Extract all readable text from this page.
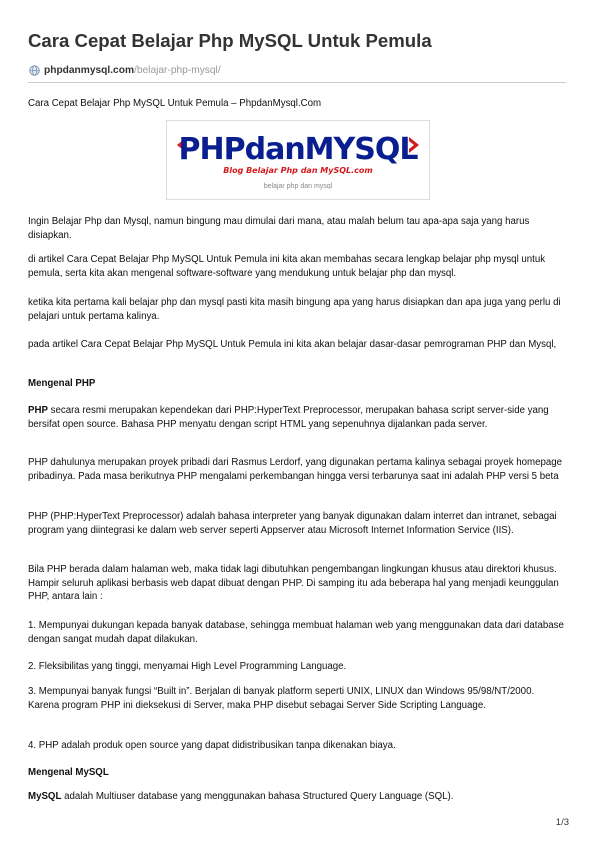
Cara Cepat Belajar Php MySQL Untuk Pemula
phpdanmysql.com/belajar-php-mysql/

Cara Cepat Belajar Php MySQL Untuk Pemula – PhpdanMysql.Com

PHPdanMYSQL
Blog Belajar Php dan MySQL.com
belajar php dan mysql

Ingin Belajar Php dan Mysql, namun bingung mau dimulai dari mana, atau malah belum tau apa-apa saja yang harus disiapkan.

di artikel Cara Cepat Belajar Php MySQL Untuk Pemula ini kita akan membahas secara lengkap belajar php mysql untuk pemula, serta kita akan mengenal software-software yang mendukung untuk belajar php dan mysql.

ketika kita pertama kali belajar php dan mysql pasti kita masih bingung apa yang harus disiapkan dan apa juga yang perlu di pelajari untuk pertama kalinya.

pada artikel Cara Cepat Belajar Php MySQL Untuk Pemula ini kita akan belajar dasar-dasar pemrograman PHP dan Mysql,

Mengenal PHP

PHP secara resmi merupakan kependekan dari PHP:HyperText Preprocessor, merupakan bahasa script server-side yang bersifat open source. Bahasa PHP menyatu dengan script HTML yang sepenuhnya dijalankan pada server.

PHP dahulunya merupakan proyek pribadi dari Rasmus Lerdorf, yang digunakan pertama kalinya sebagai proyek homepage pribadinya. Pada masa berikutnya PHP mengalami perkembangan hingga versi terbarunya saat ini adalah PHP versi 5 beta

PHP (PHP:HyperText Preprocessor) adalah bahasa interpreter yang banyak digunakan dalam interret dan intranet, sebagai program yang diintegrasi ke dalam web server seperti Appserver atau Microsoft Internet Information Service (IIS).

Bila PHP berada dalam halaman web, maka tidak lagi dibutuhkan pengembangan lingkungan khusus atau direktori khusus. Hampir seluruh aplikasi berbasis web dapat dibuat dengan PHP. Di samping itu ada beberapa hal yang menjadi keunggulan PHP, antara lain :

1. Mempunyai dukungan kepada banyak database, sehingga membuat halaman web yang menggunakan data dari database dengan sangat mudah dapat dilakukan.

2. Fleksibilitas yang tinggi, menyamai High Level Programming Language.

3. Mempunyai banyak fungsi “Built in”. Berjalan di banyak platform seperti UNIX, LINUX dan Windows 95/98/NT/2000. Karena program PHP ini dieksekusi di Server, maka PHP disebut sebagai Server Side Scripting Language.

4. PHP adalah produk open source yang dapat didistribusikan tanpa dikenakan biaya.

Mengenal MySQL

MySQL adalah Multiuser database yang menggunakan bahasa Structured Query Language (SQL).

1/3
